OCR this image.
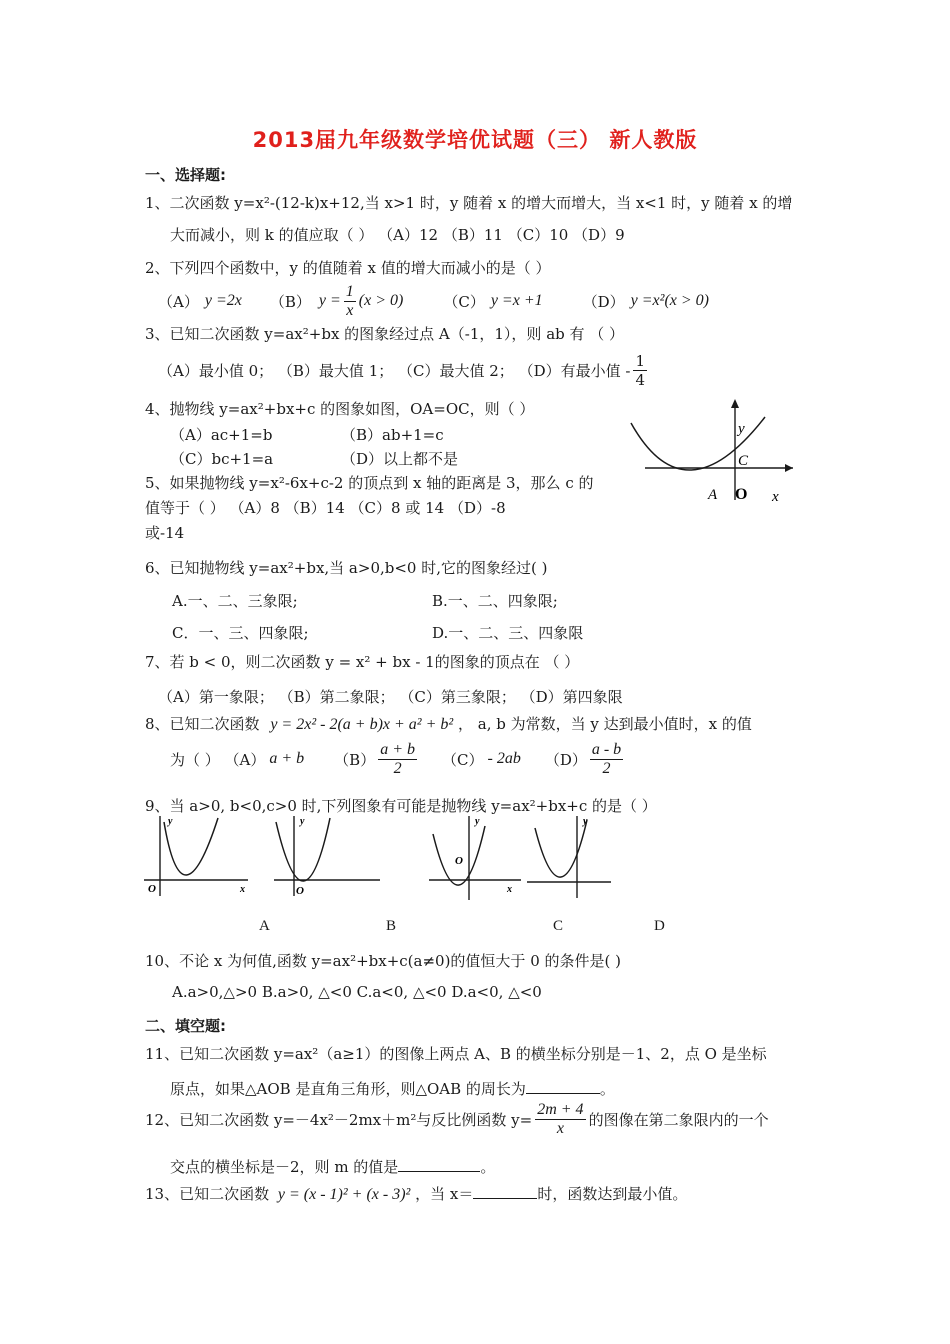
2013届九年级数学培优试题（三） 新人教版
一、选择题:
1、二次函数 y=x²-(12-k)x+12,当 x>1 时，y 随着 x 的增大而增大，当 x<1 时，y 随着 x 的增
大而减小，则 k 的值应取（ ） （A）12 （B）11 （C）10 （D）9
2、下列四个函数中，y 的值随着 x 值的增大而减小的是（ ）
（A） y =2x （B） $y = \frac{1}{x} (x > 0)$	（C） y =x +1	（D） y =x²(x > 0)
3、已知二次函数 y=ax²+bx 的图象经过点 A（-1，1），则 ab 有 （ ）
（A）最小值 0； （B）最大值 1； （C）最大值 2； （D）有最小值 - $\frac{1}{4}$
4、抛物线 y=ax²+bx+c 的图象如图，OA=OC，则（ ）
（A）ac+1=b	（B）ab+1=c
（C）bc+1=a	（D）以上都不是
y
C
A O x
5、如果抛物线 y=x²-6x+c-2 的顶点到 x 轴的距离是 3，那么 c 的
值等于（ ） （A）8 （B）14 （C）8 或 14 （D）-8
或-14
6、已知抛物线 y=ax²+bx,当 a>0,b<0 时,它的图象经过( )
A.一、二、三象限;	B.一、二、四象限;
C．一、三、四象限;	D.一、二、三、四象限
7、若 b < 0，则二次函数 y = x² + bx - 1的图象的顶点在 （ ）
（A）第一象限； （B）第二象限； （C）第三象限； （D）第四象限
8、已知二次函数 y = 2x² - 2(a + b)x + a² + b² ， a, b 为常数，当 y 达到最小值时，x 的值
为（ ） （A） a + b $(B) \frac{a + b}{2} (C) - 2ab$ $(D) \frac{a - b}{2}$
9、当 a>0, b<0,c>0 时,下列图象有可能是抛物线 y=ax²+bx+c 的是（ ）
y
O	x
y
O
y
O
x
y
A	B	C	D
10、不论 x 为何值,函数 y=ax²+bx+c(a≠0)的值恒大于 0 的条件是( )
A.a>0,△>0 B.a>0, △<0 C.a<0, △<0 D.a<0, △<0
二、填空题:
11、已知二次函数 y=ax²（a≥1）的图像上两点 A、B 的横坐标分别是－1、2，点 O 是坐标
原点，如果△AOB 是直角三角形，则△OAB 的周长为	。
12、已知二次函数 y=－4x²－2mx＋m²与反比例函数 $y= \frac{2m + 4}{x}$ 的图像在第二象限内的一个
交点的横坐标是－2，则 m 的值是	。
13、已知二次函数 y = (x - 1)² + (x - 3)² ，当 x＝	时，函数达到最小值。
